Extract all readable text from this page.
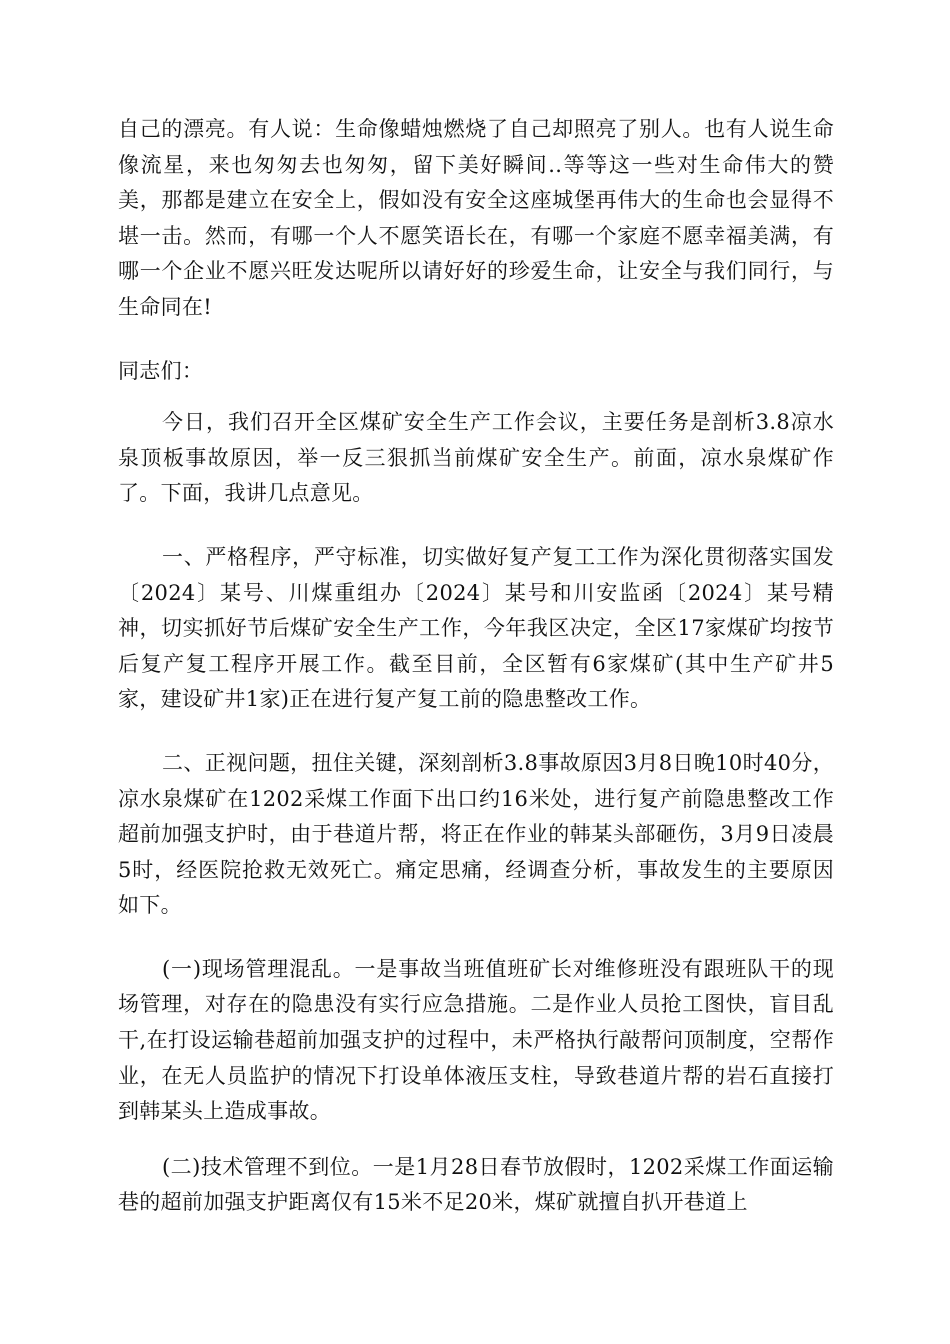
自己的漂亮。有人说：生命像蜡烛燃烧了自己却照亮了别人。也有人说生命像流星，来也匆匆去也匆匆，留下美好瞬间..等等这一些对生命伟大的赞美，那都是建立在安全上，假如没有安全这座城堡再伟大的生命也会显得不堪一击。然而，有哪一个人不愿笑语长在，有哪一个家庭不愿幸福美满，有哪一个企业不愿兴旺发达呢所以请好好的珍爱生命，让安全与我们同行，与生命同在!

同志们：

今日，我们召开全区煤矿安全生产工作会议，主要任务是剖析3.8凉水泉顶板事故原因，举一反三狠抓当前煤矿安全生产。前面，凉水泉煤矿作了。下面，我讲几点意见。

一、严格程序，严守标准，切实做好复产复工工作为深化贯彻落实国发〔2024〕某号、川煤重组办〔2024〕某号和川安监函〔2024〕某号精神，切实抓好节后煤矿安全生产工作，今年我区决定，全区17家煤矿均按节后复产复工程序开展工作。截至目前，全区暂有6家煤矿(其中生产矿井5家，建设矿井1家)正在进行复产复工前的隐患整改工作。

二、正视问题，扭住关键，深刻剖析3.8事故原因3月8日晚10时40分，凉水泉煤矿在1202采煤工作面下出口约16米处，进行复产前隐患整改工作超前加强支护时，由于巷道片帮，将正在作业的韩某头部砸伤，3月9日凌晨5时，经医院抢救无效死亡。痛定思痛，经调查分析，事故发生的主要原因如下。

(一)现场管理混乱。一是事故当班值班矿长对维修班没有跟班队干的现场管理，对存在的隐患没有实行应急措施。二是作业人员抢工图快，盲目乱干,在打设运输巷超前加强支护的过程中，未严格执行敲帮问顶制度，空帮作业，在无人员监护的情况下打设单体液压支柱，导致巷道片帮的岩石直接打到韩某头上造成事故。

(二)技术管理不到位。一是1月28日春节放假时，1202采煤工作面运输巷的超前加强支护距离仅有15米不足20米，煤矿就擅自扒开巷道上
